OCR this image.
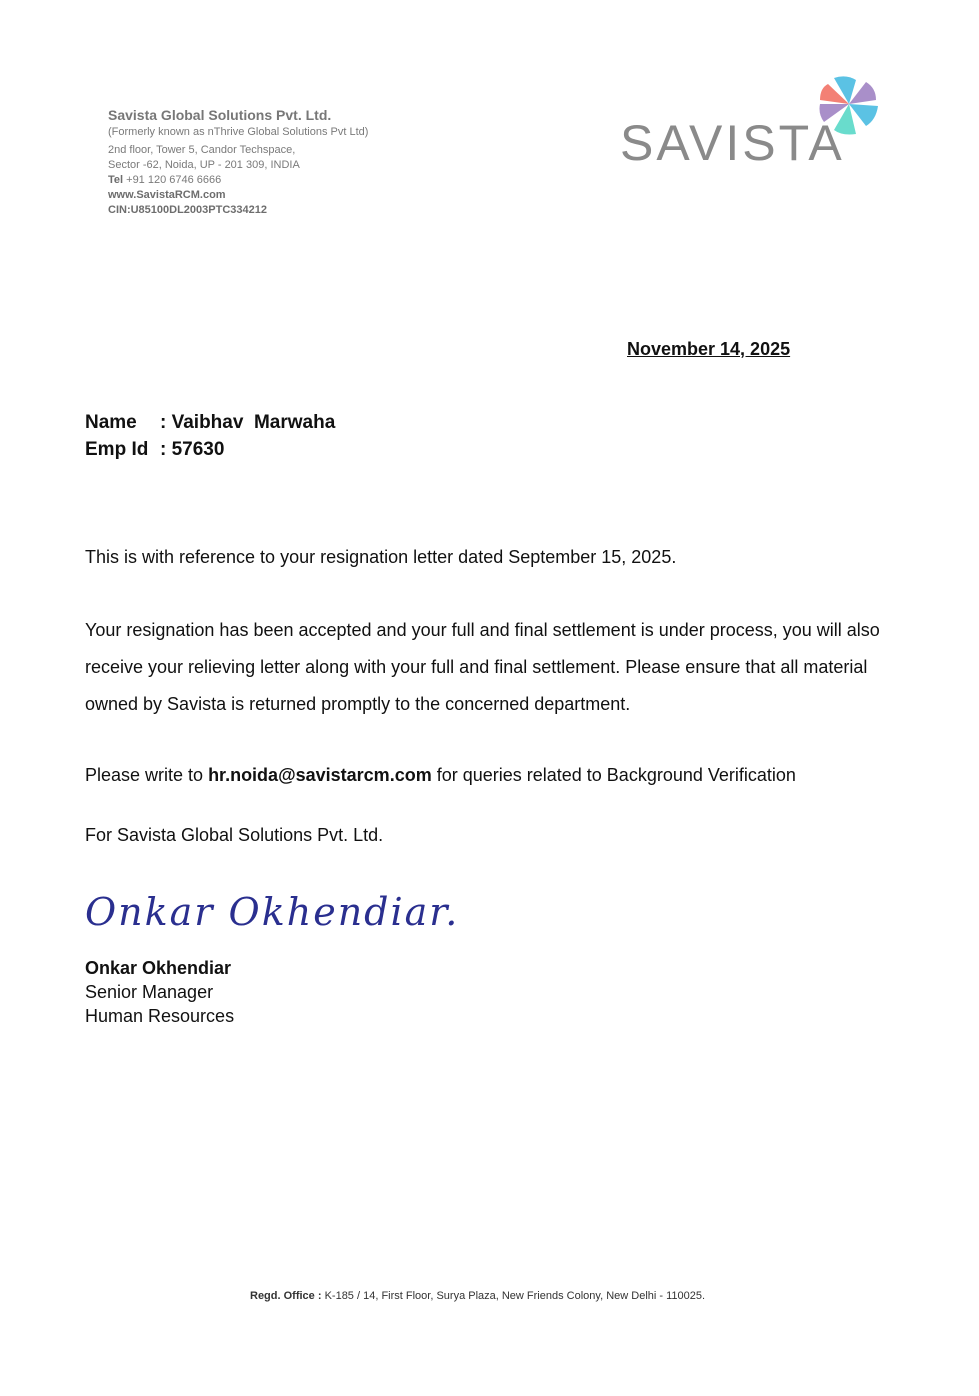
Savista Global Solutions Pvt. Ltd.
(Formerly known as nThrive Global Solutions Pvt Ltd)
2nd floor, Tower 5, Candor Techspace,
Sector -62, Noida, UP - 201 309, INDIA
Tel +91 120 6746 6666
www.SavistaRCM.com
CIN:U85100DL2003PTC334212
SAVISTA
November 14, 2025
Name : Vaibhav  Marwaha
Emp Id : 57630
This is with reference to your resignation letter dated September 15, 2025.
Your resignation has been accepted and your full and final settlement is under process, you will also receive your relieving letter along with your full and final settlement. Please ensure that all material owned by Savista is returned promptly to the concerned department.
Please write to hr.noida@savistarcm.com for queries related to Background Verification
For Savista Global Solutions Pvt. Ltd.
Onkar Okhendiar.
Onkar Okhendiar
Senior Manager
Human Resources
Regd. Office : K-185 / 14, First Floor, Surya Plaza, New Friends Colony, New Delhi - 110025.
